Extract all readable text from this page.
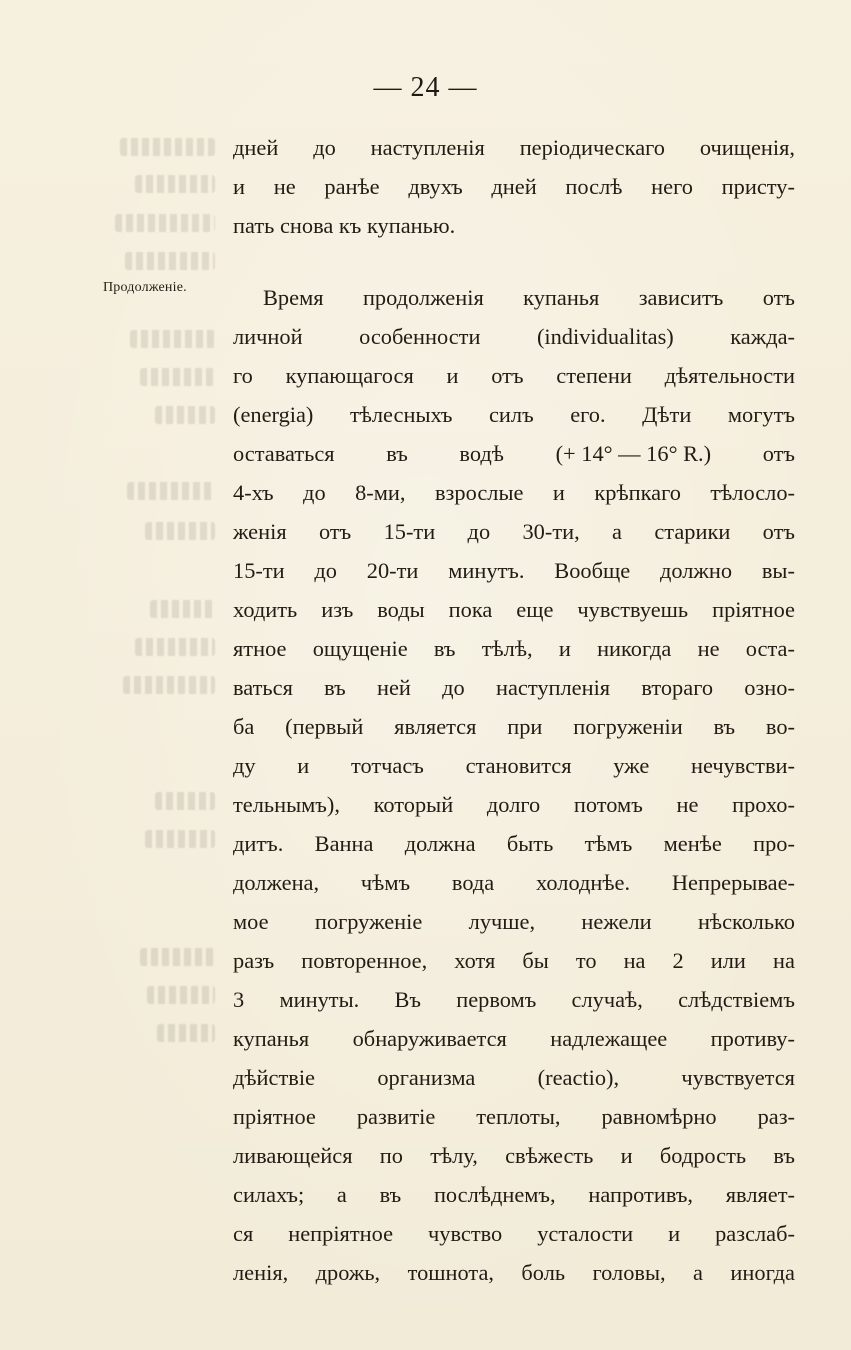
— 24 —
Продолженіе.
дней до наступленія періодическаго очищенія,
и не ранѣе двухъ дней послѣ него присту-
пать
снова
къ
купанью.
Время продолженія купанья зависитъ отъ
личной	особенности	(individualitas)	кажда-
го купающагося и отъ степени дѣятельности
(energia) тѣлесныхъ силъ его. Дѣти могутъ
оставаться въ водѣ (+ 14° — 16° R.) отъ
4-хъ до 8-ми, взрослые и крѣпкаго тѣлосло-
женія отъ 15-ти до 30-ти, а старики отъ
15-ти до 20-ти минутъ. Вообще должно вы-
ходить изъ воды пока еще чувствуешь пріятное
ятное ощущеніе въ тѣлѣ, и никогда не оста-
ваться въ ней до наступленія втораго озно-
ба (первый является при погруженіи въ во-
ду и тотчасъ становится уже нечувстви-
тельнымъ), который долго потомъ не прохо-
дитъ. Ванна должна быть тѣмъ менѣе про-
должена, чѣмъ вода холоднѣе. Непрерывае-
мое погруженіе лучше, нежели нѣсколько
разъ повторенное, хотя бы то на 2 или на
3 минуты. Въ первомъ случаѣ, слѣдствіемъ
купанья обнаруживается надлежащее противу-
дѣйствіе	организма	(reactio),	чувствуется
пріятное развитіе теплоты, равномѣрно раз-
ливающейся по тѣлу, свѣжесть и бодрость въ
силахъ; а въ послѣднемъ, напротивъ, являет-
ся непріятное чувство усталости и разслаб-
ленія, дрожь, тошнота, боль головы, а иногда
